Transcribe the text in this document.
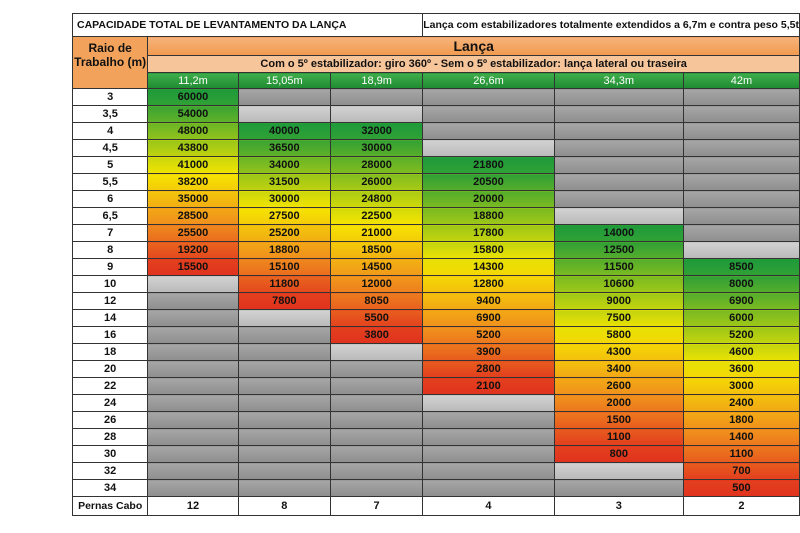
CAPACIDADE TOTAL DE LEVANTAMENTO DA LANÇA				Lança com estabilizadores totalmente extendidos a 6,7m e contra peso 5,5t		
Raio de Trabalho (m)	Lança					
	Com o 5º estabilizador: giro 360º - Sem o 5º estabilizador: lança lateral ou traseira					
	11,2m	15,05m	18,9m	26,6m	34,3m	42m
3	60000					
3,5	54000					
4	48000	40000	32000			
4,5	43800	36500	30000			
5	41000	34000	28000	21800		
5,5	38200	31500	26000	20500		
6	35000	30000	24800	20000		
6,5	28500	27500	22500	18800		
7	25500	25200	21000	17800	14000	
8	19200	18800	18500	15800	12500	
9	15500	15100	14500	14300	11500	8500
10		11800	12000	12800	10600	8000
12		7800	8050	9400	9000	6900
14			5500	6900	7500	6000
16			3800	5200	5800	5200
18				3900	4300	4600
20				2800	3400	3600
22				2100	2600	3000
24					2000	2400
26					1500	1800
28					1100	1400
30					800	1100
32						700
34						500
Pernas Cabo	12	8	7	4	3	2
